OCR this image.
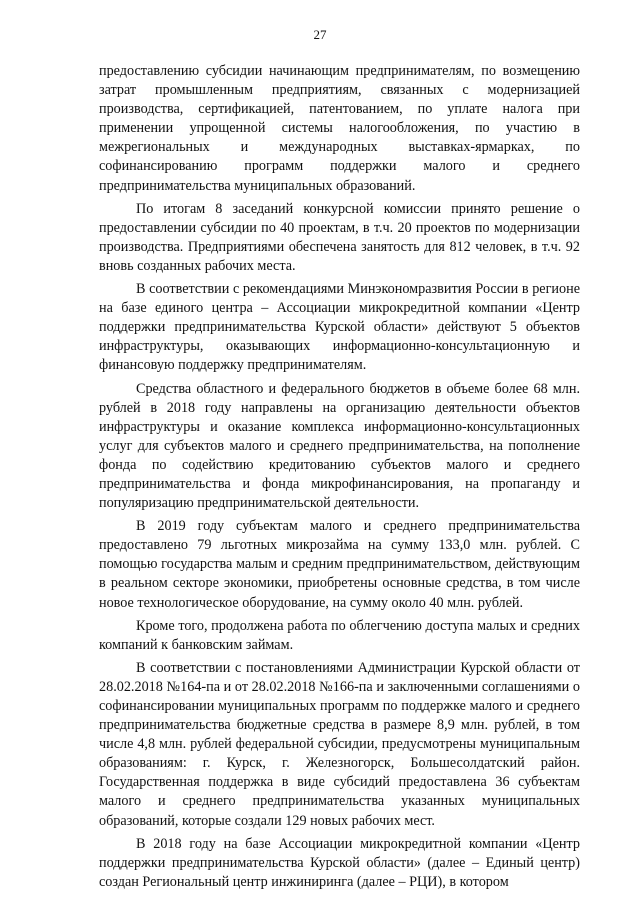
27

предоставлению субсидии начинающим предпринимателям, по возмещению затрат промышленным предприятиям, связанных с модернизацией производства, сертификацией, патентованием, по уплате налога при применении упрощенной системы налогообложения, по участию в межрегиональных и международных выставках-ярмарках, по софинансированию программ поддержки малого и среднего предпринимательства муниципальных образований.

По итогам 8 заседаний конкурсной комиссии принято решение о предоставлении субсидии по 40 проектам, в т.ч. 20 проектов по модернизации производства. Предприятиями обеспечена занятость для 812 человек, в т.ч. 92 вновь созданных рабочих места.

В соответствии с рекомендациями Минэкономразвития России в регионе на базе единого центра – Ассоциации микрокредитной компании «Центр поддержки предпринимательства Курской области» действуют 5 объектов инфраструктуры, оказывающих информационно-консультационную и финансовую поддержку предпринимателям.

Средства областного и федерального бюджетов в объеме более 68 млн. рублей в 2018 году направлены на организацию деятельности объектов инфраструктуры и оказание комплекса информационно-консультационных услуг для субъектов малого и среднего предпринимательства, на пополнение фонда по содействию кредитованию субъектов малого и среднего предпринимательства и фонда микрофинансирования, на пропаганду и популяризацию предпринимательской деятельности.

В 2019 году субъектам малого и среднего предпринимательства предоставлено 79 льготных микрозайма на сумму 133,0 млн. рублей. С помощью государства малым и средним предпринимательством, действующим в реальном секторе экономики, приобретены основные средства, в том числе новое технологическое оборудование, на сумму около 40 млн. рублей.

Кроме того, продолжена работа по облегчению доступа малых и средних компаний к банковским займам.

В соответствии с постановлениями Администрации Курской области от 28.02.2018 №164-па и от 28.02.2018 №166-па и заключенными соглашениями о софинансировании муниципальных программ по поддержке малого и среднего предпринимательства бюджетные средства в размере 8,9 млн. рублей, в том числе 4,8 млн. рублей федеральной субсидии, предусмотрены муниципальным образованиям: г. Курск, г. Железногорск, Большесолдатский район. Государственная поддержка в виде субсидий предоставлена 36 субъектам малого и среднего предпринимательства указанных муниципальных образований, которые создали 129 новых рабочих мест.

В 2018 году на базе Ассоциации микрокредитной компании «Центр поддержки предпринимательства Курской области» (далее – Единый центр) создан Региональный центр инжиниринга (далее – РЦИ), в котором
